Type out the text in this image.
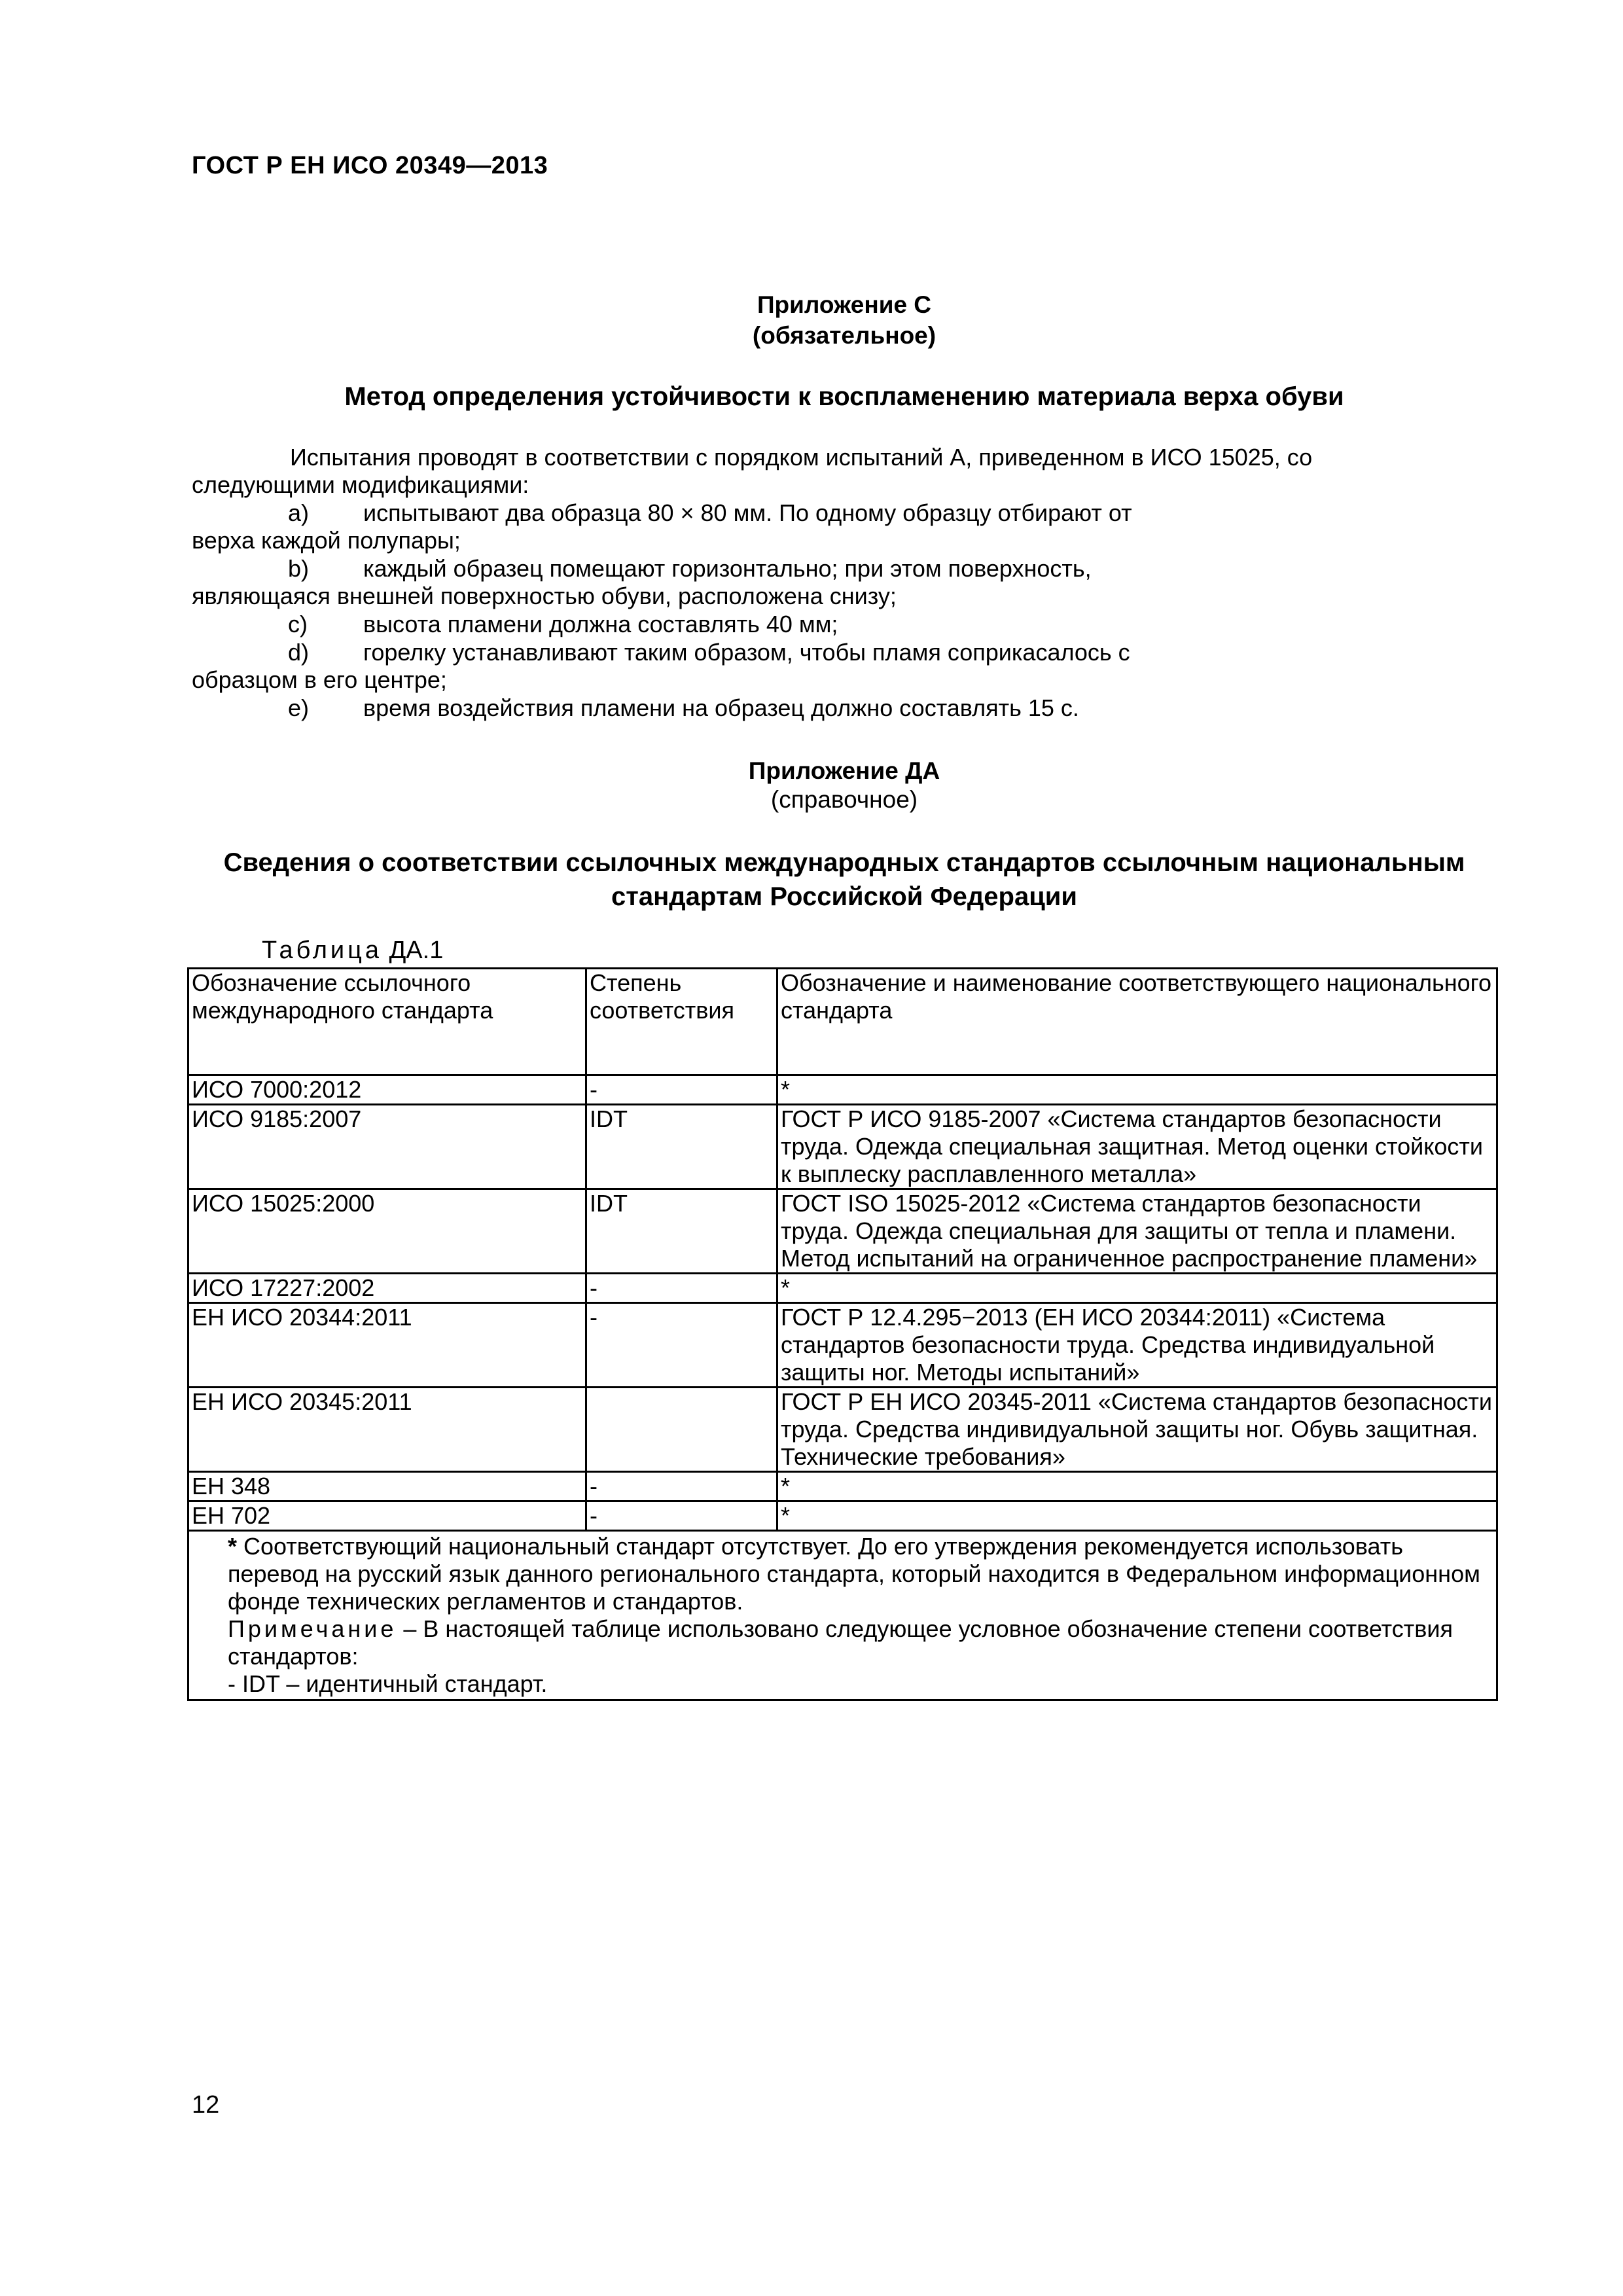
ГОСТ Р ЕН ИСО 20349—2013
Приложение С
(обязательное)
Метод определения устойчивости к воспламенению материала верха обуви
Испытания проводят в соответствии с порядком испытаний А, приведенном в ИСО 15025, со
следующими модификациями:
a)	испытывают два образца 80 × 80 мм. По одному образцу отбирают от
верха каждой полупары;
b)	каждый образец помещают горизонтально; при этом поверхность,
являющаяся внешней поверхностью обуви, расположена снизу;
c)	высота пламени должна составлять 40 мм;
d)	горелку устанавливают таким образом, чтобы пламя соприкасалось с
образцом в его центре;
e)	время воздействия пламени на образец должно составлять 15 с.
Приложение ДА
(справочное)
Сведения о соответствии ссылочных международных стандартов ссылочным национальным
стандартам Российской Федерации
Таблица ДА.1
Обозначение ссылочного международного стандарта	Степень соответствия	Обозначение и наименование соответствующего национального стандарта
ИСО 7000:2012	-	*
ИСО 9185:2007	IDT	ГОСТ Р ИСО 9185-2007 «Система стандартов безопасности труда. Одежда специальная защитная. Метод оценки стойкости к выплеску расплавленного металла»
ИСО 15025:2000	IDT	ГОСТ ISO 15025-2012 «Система стандартов безопасности труда. Одежда специальная для защиты от тепла и пламени. Метод испытаний на ограниченное распространение пламени»
ИСО 17227:2002	-	*
ЕН ИСО 20344:2011	-	ГОСТ Р 12.4.295−2013 (ЕН ИСО 20344:2011) «Система стандартов безопасности труда. Средства индивидуальной защиты ног. Методы испытаний»
ЕН ИСО 20345:2011		ГОСТ Р ЕН ИСО 20345-2011 «Система стандартов безопасности труда. Средства индивидуальной защиты ног. Обувь защитная. Технические требования»
ЕН 348	-	*
ЕН 702	-	*

* Соответствующий национальный стандарт отсутствует. До его утверждения рекомендуется использовать перевод на русский язык данного регионального стандарта, который находится в Федеральном информационном фонде технических регламентов и стандартов.
Примечание – В настоящей таблице использовано следующее условное обозначение степени соответствия стандартов:
- IDT – идентичный стандарт.		
12
